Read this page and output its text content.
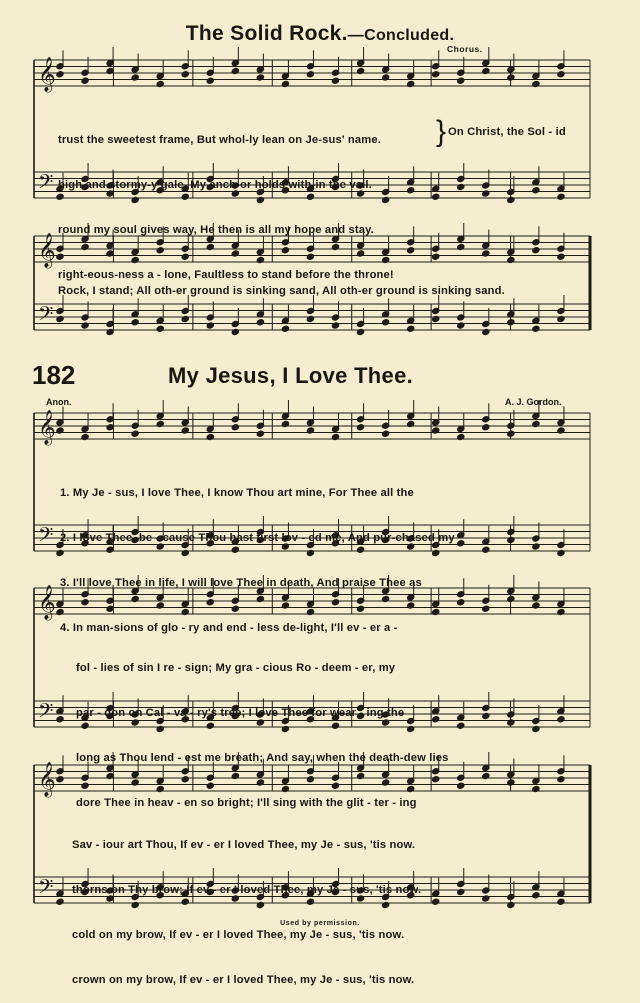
𝄞
𝄢
𝄞
𝄢
𝄞
𝄢
𝄞
𝄢
𝄞
𝄢
The Solid Rock.—Concluded.
Chorus.

trust the sweetest frame, But whol-ly lean on Je-sus' name.

high and stormy-y gale, My anch-or holds with-in the vail.

round my soul gives way, He then is all my hope and stay.

right-eous-ness a - lone, Faultless to stand before the throne!

} On Christ, the Sol - id
Rock, I stand; All oth-er ground is sinking sand, All oth-er ground is sinking sand.
182	My Jesus, I Love Thee.
Anon.	A. J. Gordon.

1. My Je - sus, I love Thee, I know Thou art mine, For Thee all the

2. I love Thee, be - cause Thou hast first lov - ed me, And pur-chased my

3. I'll love Thee in life, I will love Thee in death, And praise Thee as

4. In man-sions of glo - ry and end - less de-light, I'll ev - er a -

fol - lies of sin I re - sign; My gra - cious Ro - deem - er, my

par - don on Cal - va - ry's tree; I love Thee for wear - ing the

long as Thou lend - est me breath; And say, when the death-dew lies

dore Thee in heav - en so bright; I'll sing with the glit - ter - ing

Sav - iour art Thou, If ev - er I loved Thee, my Je - sus, 'tis now.

thorns on Thy brow; If ev - er I loved Thee, my Je - sus, 'tis now.

cold on my brow, If ev - er I loved Thee, my Je - sus, 'tis now.

crown on my brow, If ev - er I loved Thee, my Je - sus, 'tis now.

Used by permission.
